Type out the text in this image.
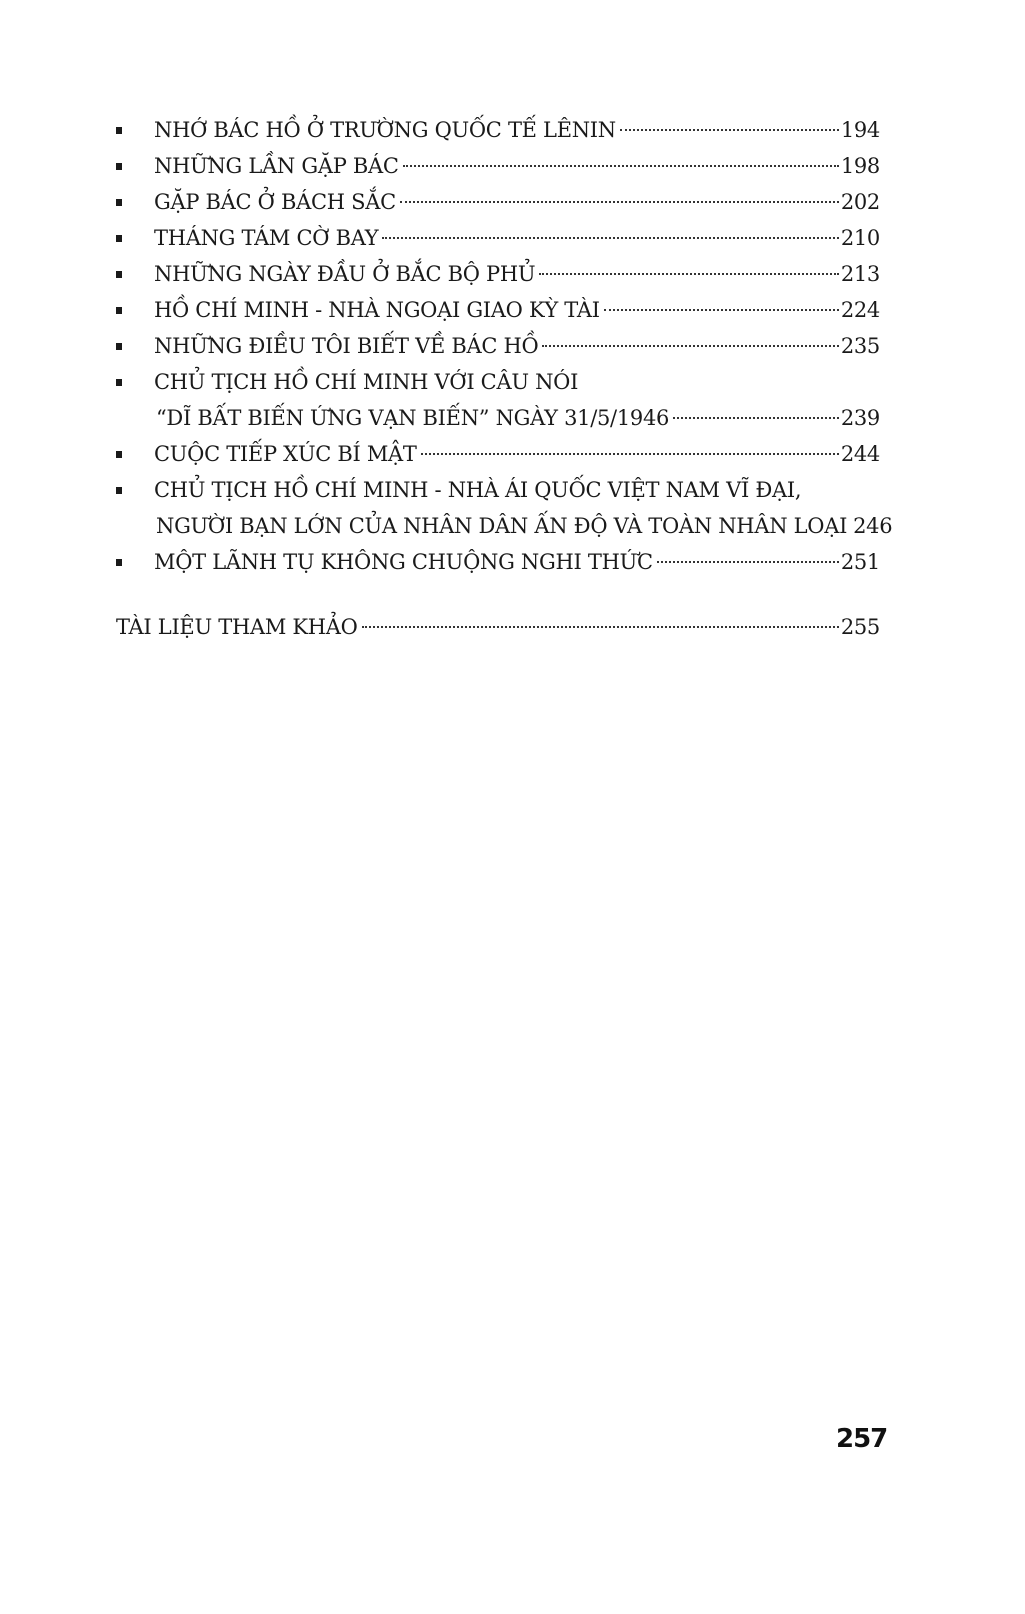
NHỚ BÁC HỒ Ở TRƯỜNG QUỐC TẾ LÊNIN	194
NHỮNG LẦN GẶP BÁC	198
GẶP BÁC Ở BÁCH SẮC	202
THÁNG TÁM CỜ BAY	210
NHỮNG NGÀY ĐẦU Ở BẮC BỘ PHỦ	213
HỒ CHÍ MINH - NHÀ NGOẠI GIAO KỲ TÀI	224
NHỮNG ĐIỀU TÔI BIẾT VỀ BÁC HỒ	235
CHỦ TỊCH HỒ CHÍ MINH VỚI CÂU NÓI
“DĨ BẤT BIẾN ỨNG VẠN BIẾN” NGÀY 31/5/1946	239
CUỘC TIẾP XÚC BÍ MẬT	244
CHỦ TỊCH HỒ CHÍ MINH - NHÀ ÁI QUỐC VIỆT NAM VĨ ĐẠI,
NGƯỜI BẠN LỚN CỦA NHÂN DÂN ẤN ĐỘ VÀ TOÀN NHÂN LOẠI 246
MỘT LÃNH TỤ KHÔNG CHUỘNG NGHI THỨC	251
TÀI LIỆU THAM KHẢO	255
257
